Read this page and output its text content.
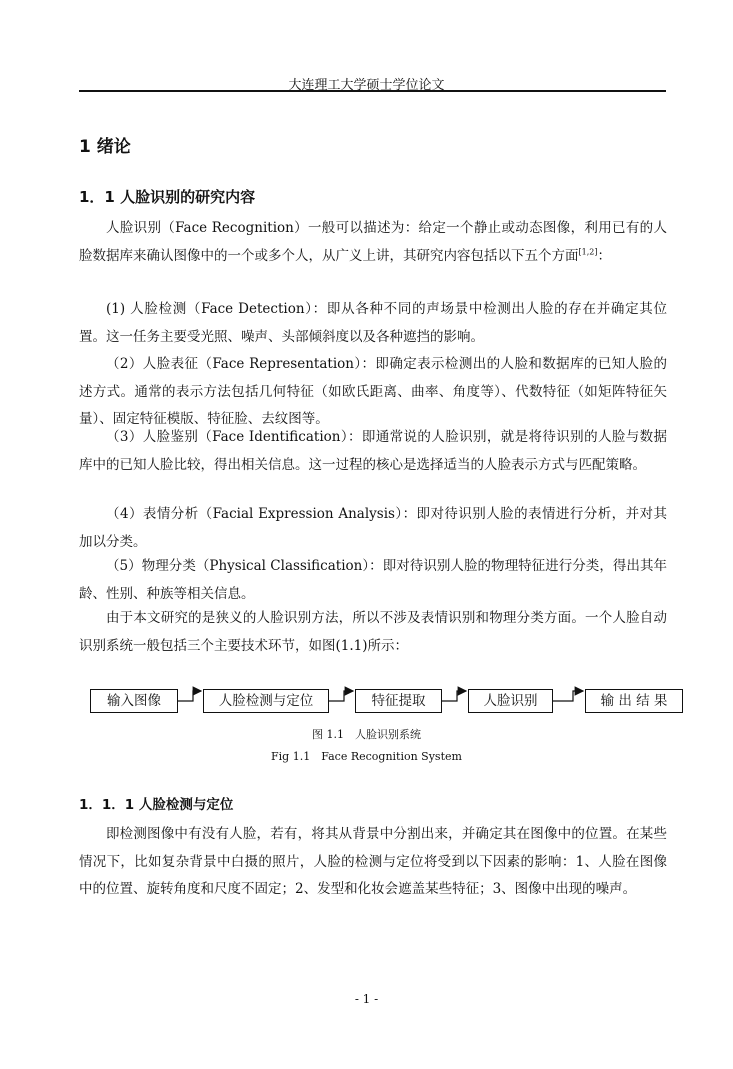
大连理工大学硕士学位论文
1 绪论
1．1 人脸识别的研究内容

人脸识别（Face Recognition）一般可以描述为：给定一个静止或动态图像，利用已有的人脸数据库来确认图像中的一个或多个人，从广义上讲，其研究内容包括以下五个方面[1,2]：

(1) 人脸检测（Face Detection）：即从各种不同的声场景中检测出人脸的存在并确定其位置。这一任务主要受光照、噪声、头部倾斜度以及各种遮挡的影响。

（2）人脸表征（Face Representation）：即确定表示检测出的人脸和数据库的已知人脸的述方式。通常的表示方法包括几何特征（如欧氏距离、曲率、角度等）、代数特征（如矩阵特征矢量）、固定特征模版、特征脸、去纹图等。

（3）人脸鉴别（Face Identification）：即通常说的人脸识别，就是将待识别的人脸与数据库中的已知人脸比较，得出相关信息。这一过程的核心是选择适当的人脸表示方式与匹配策略。

（4）表情分析（Facial Expression Analysis）：即对待识别人脸的表情进行分析，并对其加以分类。

（5）物理分类（Physical Classification）：即对待识别人脸的物理特征进行分类，得出其年龄、性别、种族等相关信息。

由于本文研究的是狭义的人脸识别方法，所以不涉及表情识别和物理分类方面。一个人脸自动识别系统一般包括三个主要技术环节，如图(1.1)所示：

输入图像	人脸检测与定位	特征提取	人脸识别	输 出 结 果
图 1.1　人脸识别系统
Fig 1.1　Face Recognition System
1．1．1 人脸检测与定位

即检测图像中有没有人脸，若有，将其从背景中分割出来，并确定其在图像中的位置。在某些情况下，比如复杂背景中白摄的照片，人脸的检测与定位将受到以下因素的影响：1、人脸在图像中的位置、旋转角度和尺度不固定；2、发型和化妆会遮盖某些特征；3、图像中出现的噪声。

- 1 -
